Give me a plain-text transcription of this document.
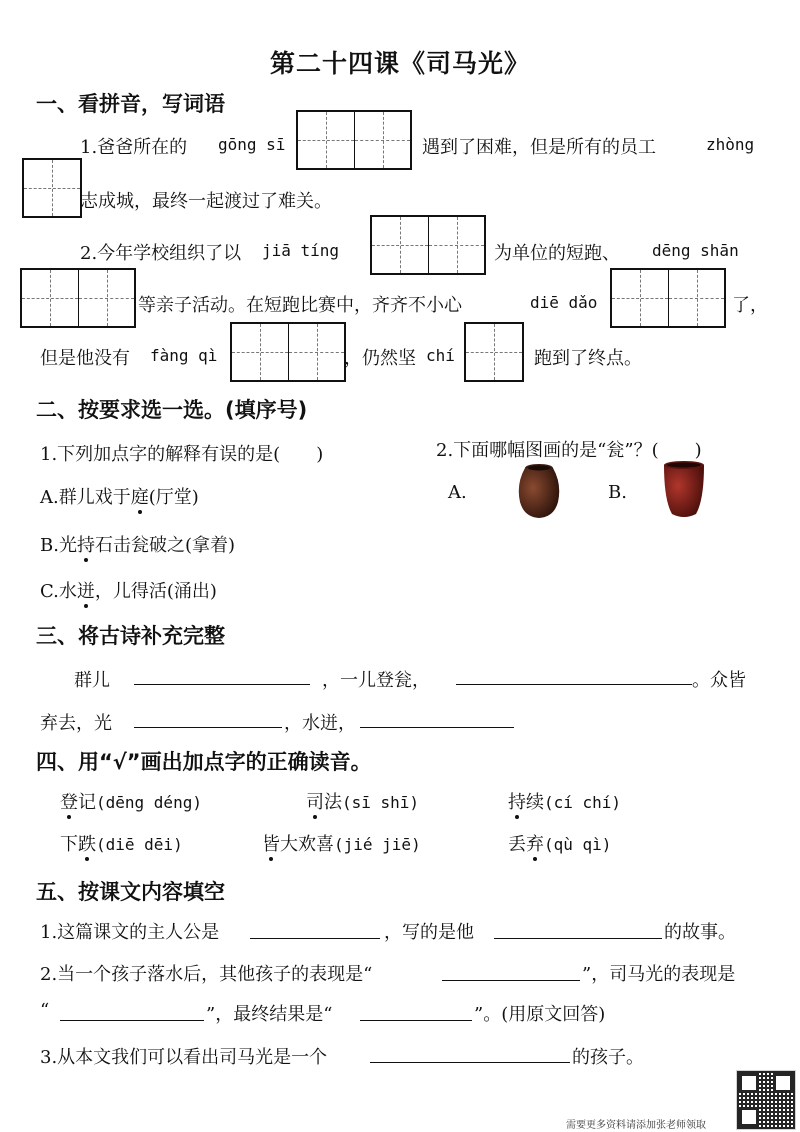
第二十四课《司马光》
一、看拼音，写词语
1.爸爸所在的 gōng sī	遇到了困难，但是所有的员工	zhòng
志成城，最终一起渡过了难关。
2.今年学校组织了以 jiā tíng	为单位的短跑、 dēng shān
等亲子活动。在短跑比赛中，齐齐不小心	diē dǎo	了，
但是他没有 fàng qì	，仍然坚 chí	跑到了终点。
二、按要求选一选。(填序号)
1.下列加点字的解释有误的是( )
A.群儿戏于庭(厅堂)
B.光持石击瓮破之(拿着)
C.水迸，儿得活(涌出)
2.下面哪幅图画的是“瓮”？( )
A.	B.
三、将古诗补充完整
群儿	，一儿登瓮，	。众皆
弃去，光	，水迸，
四、用“√”画出加点字的正确读音。
登记(dēng déng)	司法(sī shī)	持续(cí chí)
下跌(diē dēi)	皆大欢喜(jié jiē)	丢弃(qù qì)
五、按课文内容填空
1.这篇课文的主人公是	，写的是他	的故事。
2.当一个孩子落水后，其他孩子的表现是“	”，司马光的表现是
“	”，最终结果是“	”。(用原文回答)
3.从本文我们可以看出司马光是一个	的孩子。
需要更多资料请添加张老师领取
